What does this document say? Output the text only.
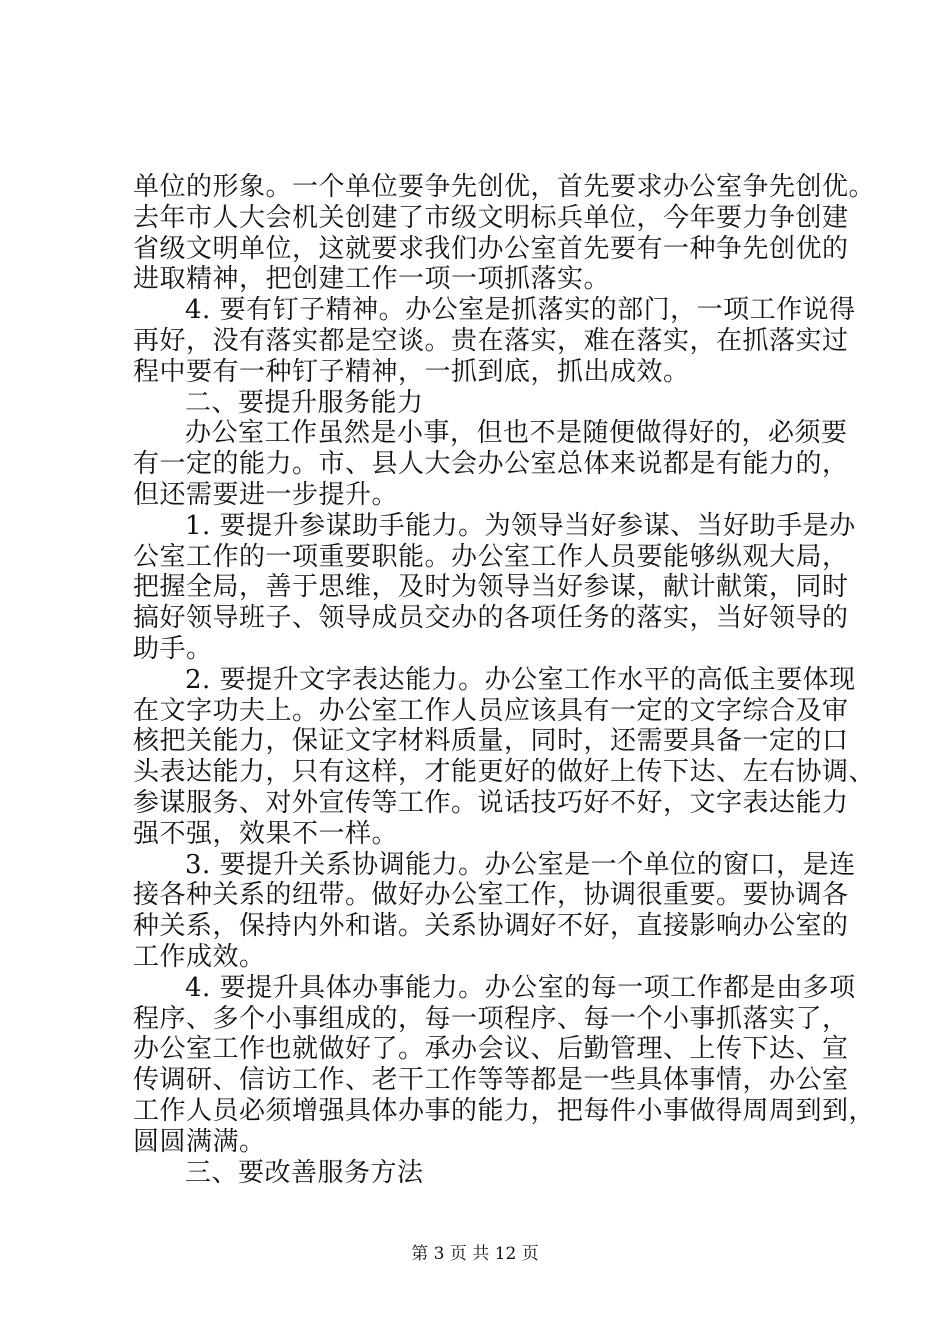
单位的形象。一个单位要争先创优，首先要求办公室争先创优。
去年市人大会机关创建了市级文明标兵单位，今年要力争创建
省级文明单位，这就要求我们办公室首先要有一种争先创优的
进取精神，把创建工作一项一项抓落实。
4. 要有钉子精神。办公室是抓落实的部门，一项工作说得
再好，没有落实都是空谈。贵在落实，难在落实，在抓落实过
程中要有一种钉子精神，一抓到底，抓出成效。
二、要提升服务能力
办公室工作虽然是小事，但也不是随便做得好的，必须要
有一定的能力。市、县人大会办公室总体来说都是有能力的，
但还需要进一步提升。
1. 要提升参谋助手能力。为领导当好参谋、当好助手是办
公室工作的一项重要职能。办公室工作人员要能够纵观大局，
把握全局，善于思维，及时为领导当好参谋，献计献策，同时
搞好领导班子、领导成员交办的各项任务的落实，当好领导的
助手。
2. 要提升文字表达能力。办公室工作水平的高低主要体现
在文字功夫上。办公室工作人员应该具有一定的文字综合及审
核把关能力，保证文字材料质量，同时，还需要具备一定的口
头表达能力，只有这样，才能更好的做好上传下达、左右协调、
参谋服务、对外宣传等工作。说话技巧好不好，文字表达能力
强不强，效果不一样。
3. 要提升关系协调能力。办公室是一个单位的窗口，是连
接各种关系的纽带。做好办公室工作，协调很重要。要协调各
种关系，保持内外和谐。关系协调好不好，直接影响办公室的
工作成效。
4. 要提升具体办事能力。办公室的每一项工作都是由多项
程序、多个小事组成的，每一项程序、每一个小事抓落实了，
办公室工作也就做好了。承办会议、后勤管理、上传下达、宣
传调研、信访工作、老干工作等等都是一些具体事情，办公室
工作人员必须增强具体办事的能力，把每件小事做得周周到到，
圆圆满满。
三、要改善服务方法
第 3 页 共 12 页
